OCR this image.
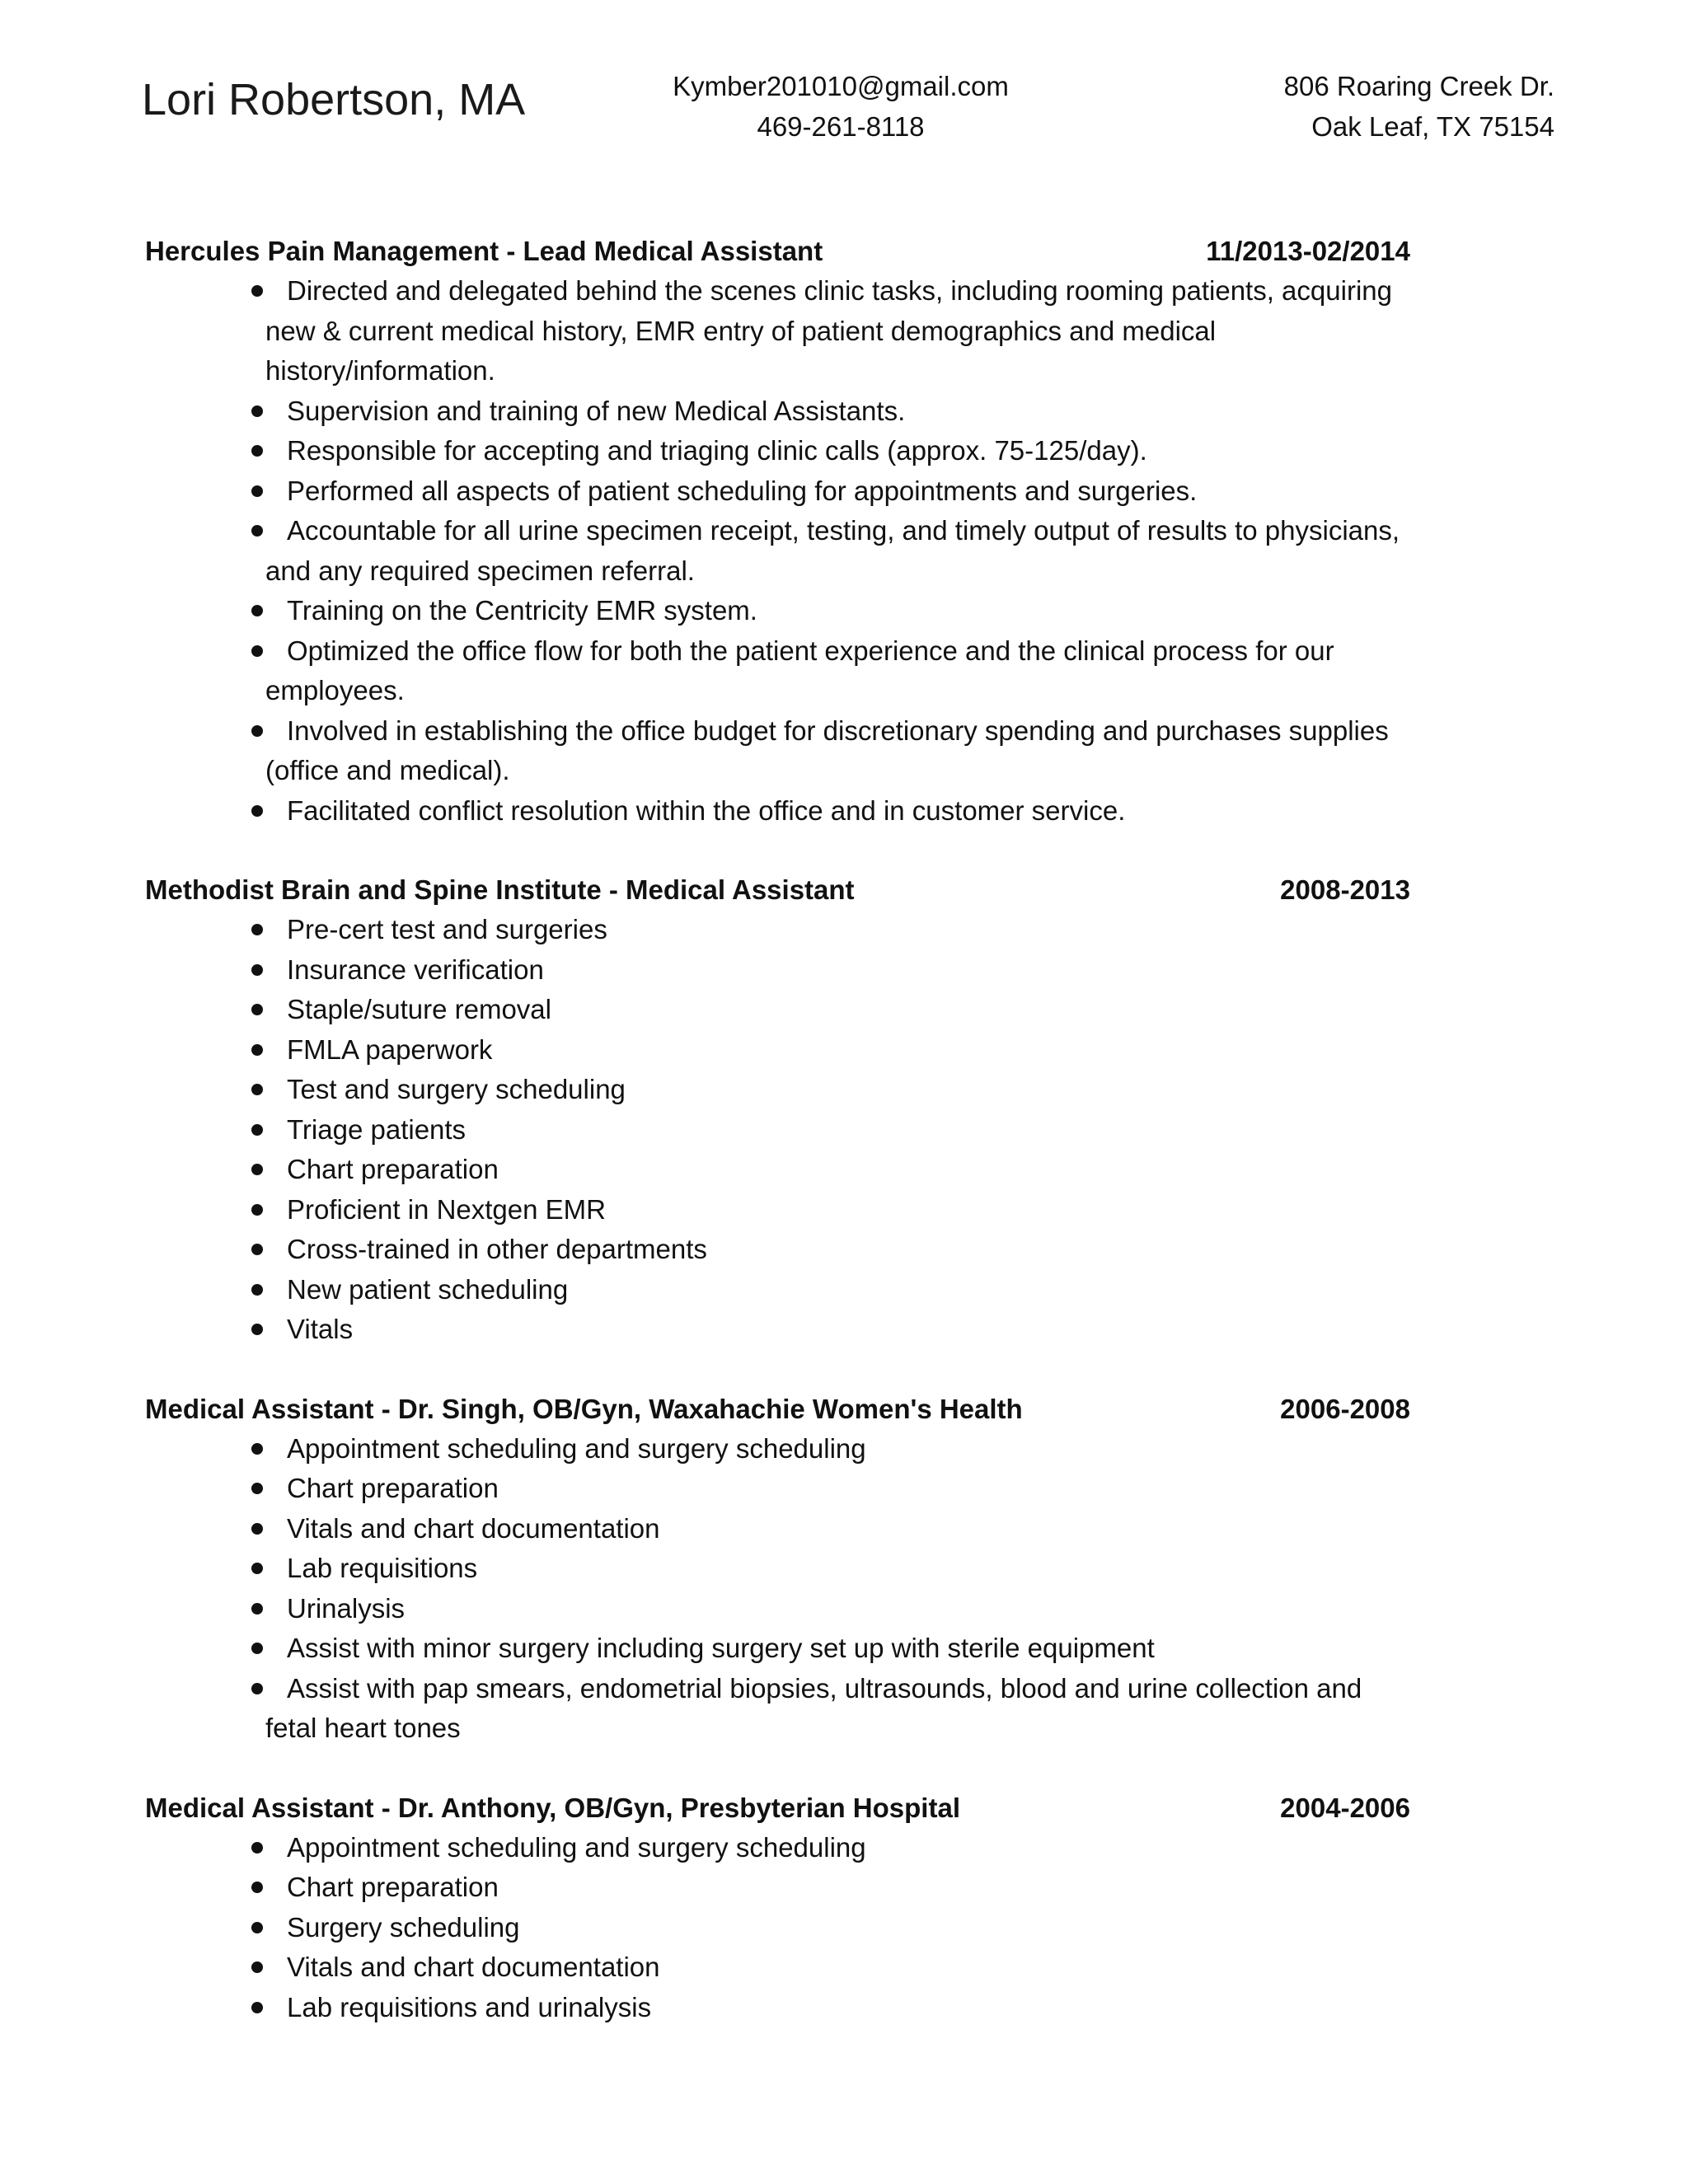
Lori Robertson, MA	Kymber201010@gmail.com
469-261-8118
806 Roaring Creek Dr.
Oak Leaf, TX 75154
Hercules Pain Management - Lead Medical Assistant	11/2013-02/2014
Directed and delegated behind the scenes clinic tasks, including rooming patients, acquiring new & current medical history, EMR entry of patient demographics and medical history/information.
Supervision and training of new Medical Assistants.
Responsible for accepting and triaging clinic calls (approx. 75-125/day).
Performed all aspects of patient scheduling for appointments and surgeries.
Accountable for all urine specimen receipt, testing, and timely output of results to physicians, and any required specimen referral.
Training on the Centricity EMR system.
Optimized the office flow for both the patient experience and the clinical process for our employees.
Involved in establishing the office budget for discretionary spending and purchases supplies (office and medical).
Facilitated conflict resolution within the office and in customer service.
Methodist Brain and Spine Institute - Medical Assistant	2008-2013
Pre-cert test and surgeries
Insurance verification
Staple/suture removal
FMLA paperwork
Test and surgery scheduling
Triage patients
Chart preparation
Proficient in Nextgen EMR
Cross-trained in other departments
New patient scheduling
Vitals
Medical Assistant - Dr. Singh, OB/Gyn, Waxahachie Women's Health	2006-2008
Appointment scheduling and surgery scheduling
Chart preparation
Vitals and chart documentation
Lab requisitions
Urinalysis
Assist with minor surgery including surgery set up with sterile equipment
Assist with pap smears, endometrial biopsies, ultrasounds, blood and urine collection and fetal heart tones
Medical Assistant - Dr. Anthony, OB/Gyn, Presbyterian Hospital	2004-2006
Appointment scheduling and surgery scheduling
Chart preparation
Surgery scheduling
Vitals and chart documentation
Lab requisitions and urinalysis
